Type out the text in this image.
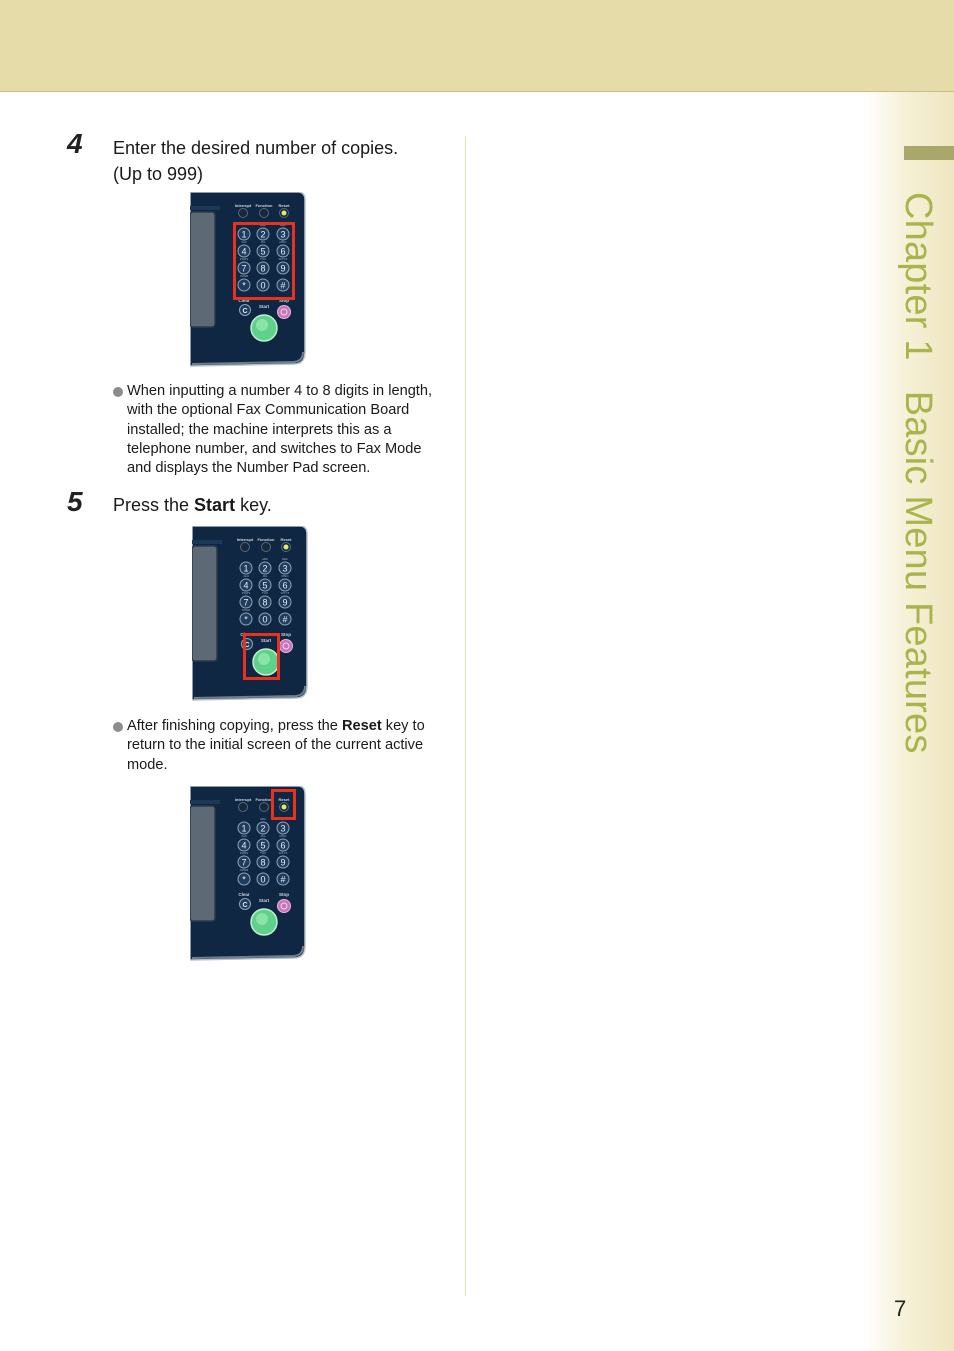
Chapter 1Basic Menu Features
7
4 Enter the desired number of copies.
(Up to 999)
Interrupt Function Reset
1 2 3
4 5 6
7 8 9
* 0 #
ABC	DEF
GHI	JKL	MNO
PQRS	TUV	WXYZ
OPER
Clear	Stop
Start
C
When inputting a number 4 to 8 digits in length, with the optional Fax Communication Board installed; the machine interprets this as a telephone number, and switches to Fax Mode and displays the Number Pad screen.
5 Press the Start key.
Interrupt Function Reset
1 2 3
4 5 6
7 8 9
* 0 #
ABC	DEF
GHI	JKL	MNO
PQRS	TUV	WXYZ
OPER
Clear	Stop
Start
C
After finishing copying, press the Reset key to return to the initial screen of the current active mode.
Interrupt Function Reset
1 2 3
4 5 6
7 8 9
* 0 #
ABC	DEF
GHI	JKL	MNO
PQRS	TUV	WXYZ
OPER
Clear	Stop
Start
C
